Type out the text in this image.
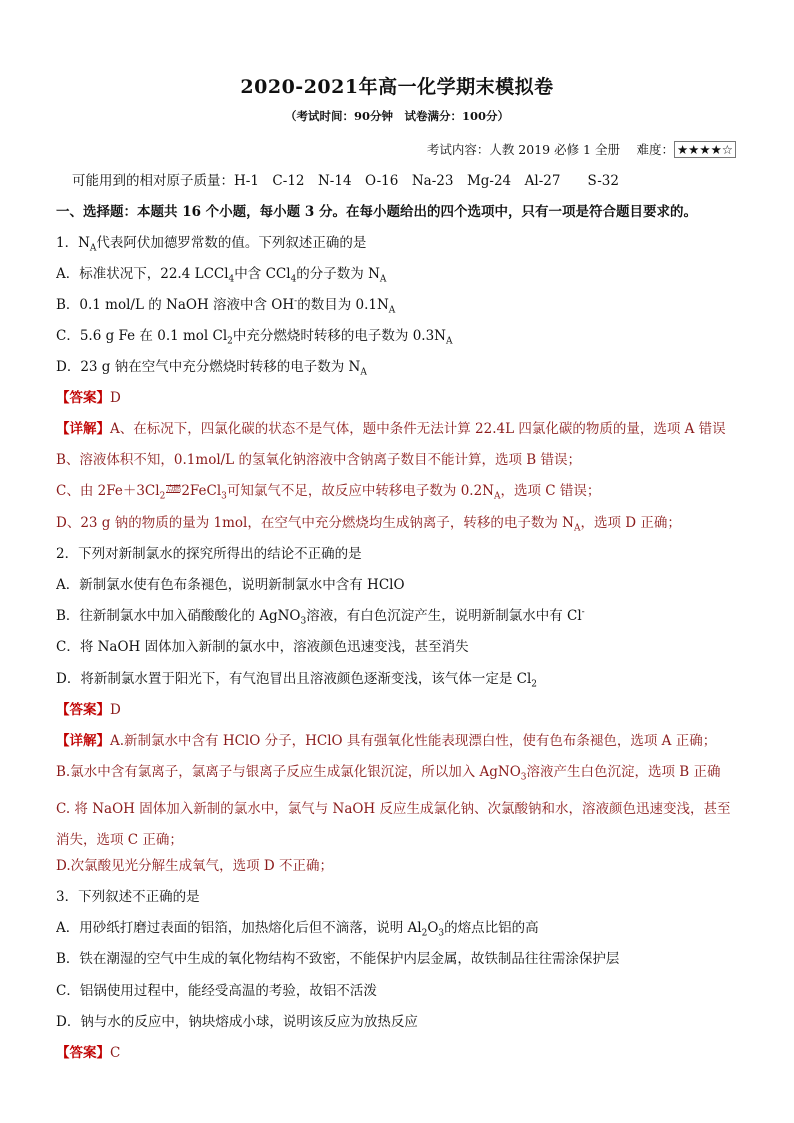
2020-2021年高一化学期末模拟卷
（考试时间：90分钟　试卷满分：100分）
考试内容：人教 2019 必修 1 全册　 难度： ★★★★☆
可能用到的相对原子质量：H-1　C-12　N-14　O-16　Na-23　Mg-24　Al-27　　S-32
一、选择题：本题共 16 个小题，每小题 3 分。在每小题给出的四个选项中，只有一项是符合题目要求的。
1．$N_A$代表阿伏加德罗常数的值。下列叙述正确的是
A．标准状况下，22.4 LCCl$_4$中含 CCl$_4$的分子数为 $N_A$
B．0.1 mol/L 的 NaOH 溶液中含 OH-的数目为 $0.1N_A$
C．5.6 g Fe 在 0.1 mol $Cl_2$中充分燃烧时转移的电子数为 $0.3N_A$
D．23 g 钠在空气中充分燃烧时转移的电子数为 $N_A$
【答案】D
【详解】A、在标况下，四氯化碳的状态不是气体，题中条件无法计算 22.4L 四氯化碳的物质的量，选项 A 错误
B、溶液体积不知，0.1mol/L 的氢氧化钠溶液中含钠离子数目不能计算，选项 B 错误；
C、由 $2Fe+3Cl_2$点燃2FeCl$_3$可知氯气不足，故反应中转移电子数为 $0.2N_A$，选项 C 错误；
D、23 g 钠的物质的量为 1mol，在空气中充分燃烧均生成钠离子，转移的电子数为 $N_A$，选项 D 正确；
2．下列对新制氯水的探究所得出的结论不正确的是
A．新制氯水使有色布条褪色，说明新制氯水中含有 HClO
B．往新制氯水中加入硝酸酸化的 AgNO$_3$溶液，有白色沉淀产生，说明新制氯水中有 Cl-
C．将 NaOH 固体加入新制的氯水中，溶液颜色迅速变浅，甚至消失
D．将新制氯水置于阳光下，有气泡冒出且溶液颜色逐渐变浅，该气体一定是 $Cl_2$
【答案】D
【详解】A.新制氯水中含有 HClO 分子，HClO 具有强氧化性能表现漂白性，使有色布条褪色，选项 A 正确；
B.氯水中含有氯离子，氯离子与银离子反应生成氯化银沉淀，所以加入 AgNO$_3$溶液产生白色沉淀，选项 B 正确
C. 将 NaOH 固体加入新制的氯水中，氯气与 NaOH 反应生成氯化钠、次氯酸钠和水，溶液颜色迅速变浅，甚至消失，选项 C 正确；
D.次氯酸见光分解生成氧气，选项 D 不正确；
3．下列叙述不正确的是
A．用砂纸打磨过表面的铝箔，加热熔化后但不滴落，说明 $Al_2O_3$的熔点比铝的高
B．铁在潮湿的空气中生成的氧化物结构不致密，不能保护内层金属，故铁制品往往需涂保护层
C．铝锅使用过程中，能经受高温的考验，故铝不活泼
D．钠与水的反应中，钠块熔成小球，说明该反应为放热反应
【答案】C
